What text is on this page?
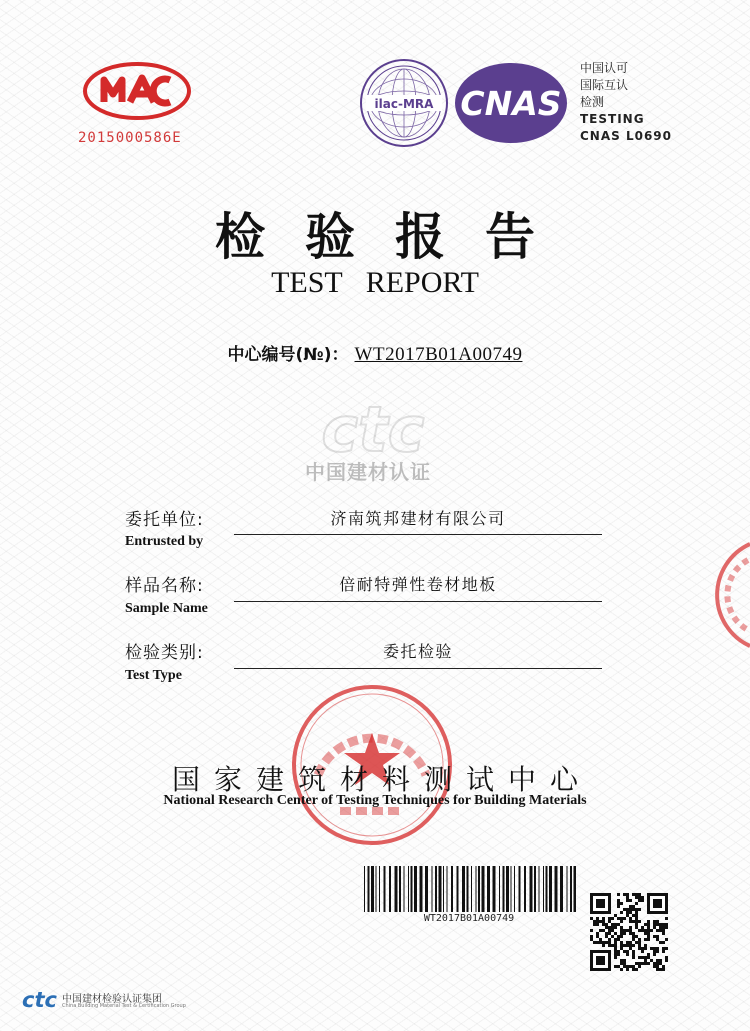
2015000586E
ilac-MRA CNAS
中国认可
国际互认
检测
TESTING
CNAS L0690
检验报告
TEST REPORT
中心编号(№)： WT2017B01A00749
ctc
中国建材认证
委托单位:
Entrusted by
济南筑邦建材有限公司
样品名称:
Sample Name
倍耐特弹性卷材地板
检验类别:
Test Type
委托检验
国家建筑材料测试中心
National Research Center of Testing Techniques for Building Materials
WT2017B01A00749
ctc 中国建材检验认证集团
China Building Material Test & Certification Group
